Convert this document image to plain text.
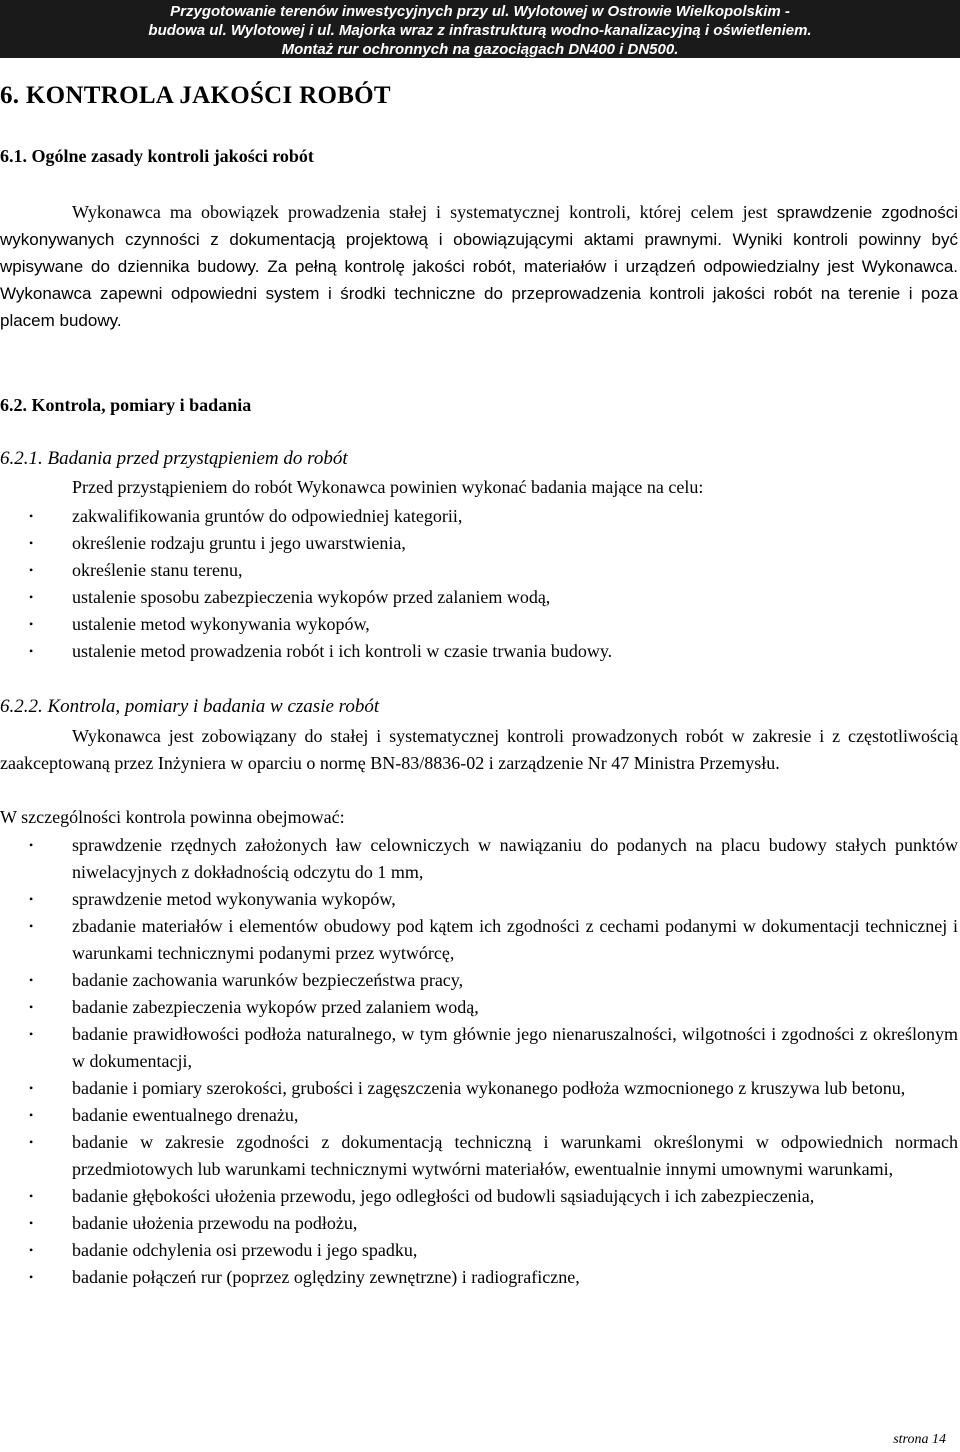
Przygotowanie terenów inwestycyjnych przy ul. Wylotowej w Ostrowie Wielkopolskim -
budowa ul. Wylotowej i ul. Majorka wraz z infrastrukturą wodno-kanalizacyjną i oświetleniem.
Montaż rur ochronnych na gazociągach DN400 i DN500.
6. KONTROLA JAKOŚCI ROBÓT
6.1. Ogólne zasady kontroli jakości robót
Wykonawca ma obowiązek prowadzenia stałej i systematycznej kontroli, której celem jest sprawdzenie zgodności wykonywanych czynności z dokumentacją projektową i obowiązującymi aktami prawnymi. Wyniki kontroli powinny być wpisywane do dziennika budowy. Za pełną kontrolę jakości robót, materiałów i urządzeń odpowiedzialny jest Wykonawca. Wykonawca zapewni odpowiedni system i środki techniczne do przeprowadzenia kontroli jakości robót na terenie i poza placem budowy.
6.2. Kontrola, pomiary i badania
6.2.1. Badania przed przystąpieniem do robót
Przed przystąpieniem do robót Wykonawca powinien wykonać badania mające na celu:
• zakwalifikowania gruntów do odpowiedniej kategorii,
• określenie rodzaju gruntu i jego uwarstwienia,
• określenie stanu terenu,
• ustalenie sposobu zabezpieczenia wykopów przed zalaniem wodą,
• ustalenie metod wykonywania wykopów,
• ustalenie metod prowadzenia robót i ich kontroli w czasie trwania budowy.
6.2.2. Kontrola, pomiary i badania w czasie robót
Wykonawca jest zobowiązany do stałej i systematycznej kontroli prowadzonych robót w zakresie i z częstotliwością zaakceptowaną przez Inżyniera w oparciu o normę BN-83/8836-02 i zarządzenie Nr 47 Ministra Przemysłu.
W szczególności kontrola powinna obejmować:
• sprawdzenie rzędnych założonych ław celowniczych w nawiązaniu do podanych na placu budowy stałych punktów niwelacyjnych z dokładnością odczytu do 1 mm,
• sprawdzenie metod wykonywania wykopów,
• zbadanie materiałów i elementów obudowy pod kątem ich zgodności z cechami podanymi w dokumentacji technicznej i warunkami technicznymi podanymi przez wytwórcę,
• badanie zachowania warunków bezpieczeństwa pracy,
• badanie zabezpieczenia wykopów przed zalaniem wodą,
• badanie prawidłowości podłoża naturalnego, w tym głównie jego nienaruszalności, wilgotności i zgodności z określonym w dokumentacji,
• badanie i pomiary szerokości, grubości i zagęszczenia wykonanego podłoża wzmocnionego z kruszywa lub betonu,
• badanie ewentualnego drenażu,
• badanie w zakresie zgodności z dokumentacją techniczną i warunkami określonymi w odpowiednich normach przedmiotowych lub warunkami technicznymi wytwórni materiałów, ewentualnie innymi umownymi warunkami,
• badanie głębokości ułożenia przewodu, jego odległości od budowli sąsiadujących i ich zabezpieczenia,
• badanie ułożenia przewodu na podłożu,
• badanie odchylenia osi przewodu i jego spadku,
• badanie połączeń rur (poprzez oględziny zewnętrzne) i radiograficzne,
strona 14
